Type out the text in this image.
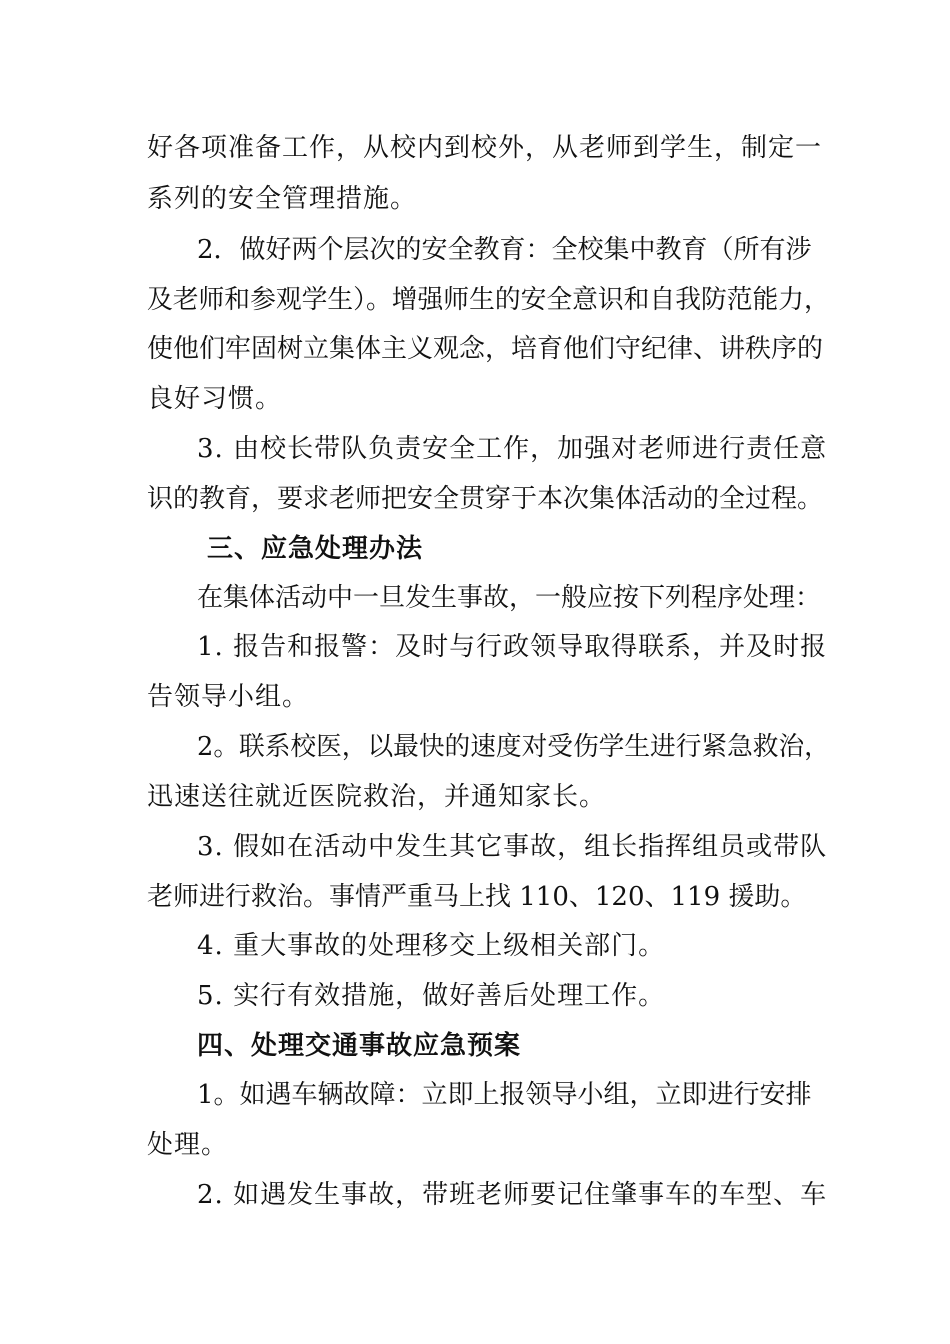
好各项准备工作，从校内到校外，从老师到学生，制定一
系列的安全管理措施。
2．做好两个层次的安全教育：全校集中教育（所有涉
及老师和参观学生）。增强师生的安全意识和自我防范能力，
使他们牢固树立集体主义观念，培育他们守纪律、讲秩序的
良好习惯。
3. 由校长带队负责安全工作，加强对老师进行责任意
识的教育，要求老师把安全贯穿于本次集体活动的全过程。
三、应急处理办法
在集体活动中一旦发生事故，一般应按下列程序处理：
1. 报告和报警：及时与行政领导取得联系，并及时报
告领导小组。
2。联系校医，以最快的速度对受伤学生进行紧急救治，
迅速送往就近医院救治，并通知家长。
3. 假如在活动中发生其它事故，组长指挥组员或带队
老师进行救治。事情严重马上找 110、120、119 援助。
4. 重大事故的处理移交上级相关部门。
5. 实行有效措施，做好善后处理工作。
四、处理交通事故应急预案
1。如遇车辆故障：立即上报领导小组，立即进行安排
处理。
2. 如遇发生事故，带班老师要记住肇事车的车型、车
